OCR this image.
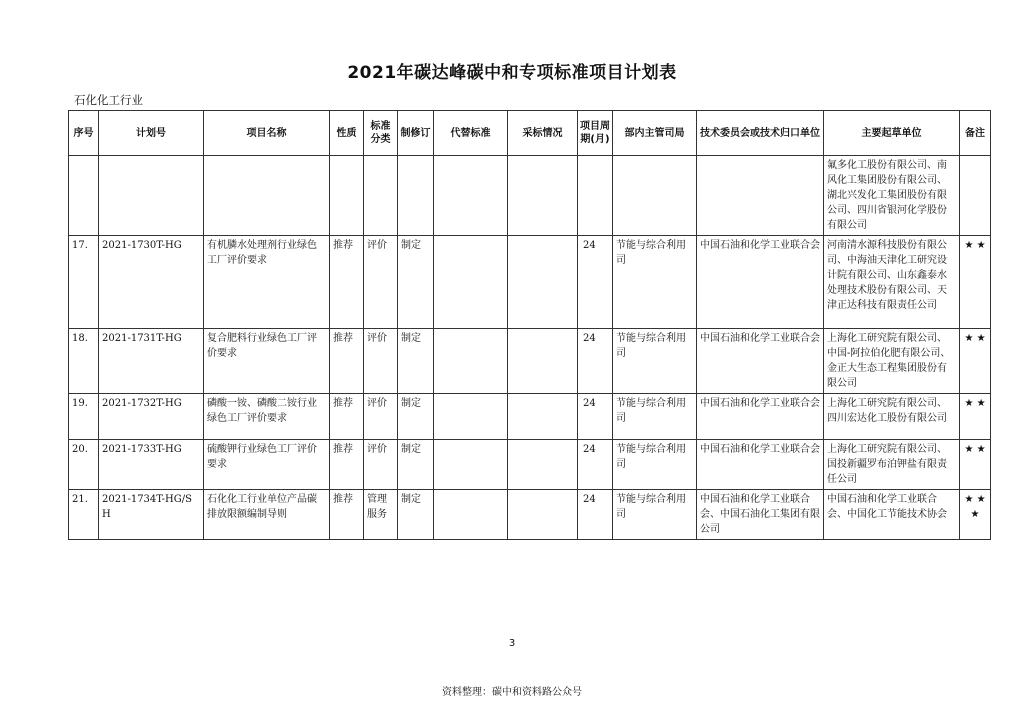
2021年碳达峰碳中和专项标准项目计划表
石化化工行业
序号	计划号	项目名称	性质	标准分类	制修订	代替标准	采标情况	项目周期(月)	部内主管司局	技术委员会或技术归口单位	主要起草单位	备注
											氟多化工股份有限公司、南风化工集团股份有限公司、湖北兴发化工集团股份有限公司、四川省银河化学股份有限公司	
17.	2021-1730T-HG	有机膦水处理剂行业绿色工厂评价要求	推荐	评价	制定			24	节能与综合利用司	中国石油和化学工业联合会	河南清水源科技股份有限公司、中海油天津化工研究设计院有限公司、山东鑫泰水处理技术股份有限公司、天津正达科技有限责任公司	★ ★
18.	2021-1731T-HG	复合肥料行业绿色工厂评价要求	推荐	评价	制定			24	节能与综合利用司	中国石油和化学工业联合会	上海化工研究院有限公司、中国-阿拉伯化肥有限公司、金正大生态工程集团股份有限公司	★ ★
19.	2021-1732T-HG	磷酸一铵、磷酸二铵行业绿色工厂评价要求	推荐	评价	制定			24	节能与综合利用司	中国石油和化学工业联合会	上海化工研究院有限公司、四川宏达化工股份有限公司	★ ★
20.	2021-1733T-HG	硫酸钾行业绿色工厂评价要求	推荐	评价	制定			24	节能与综合利用司	中国石油和化学工业联合会	上海化工研究院有限公司、国投新疆罗布泊钾盐有限责任公司	★ ★
21.	2021-1734T-HG/SH	石化化工行业单位产品碳排放限额编制导则	推荐	管理服务	制定			24	节能与综合利用司	中国石油和化学工业联合会、中国石油化工集团有限公司	中国石油和化学工业联合会、中国化工节能技术协会	★ ★ ★
3
资料整理：碳中和资料路公众号
